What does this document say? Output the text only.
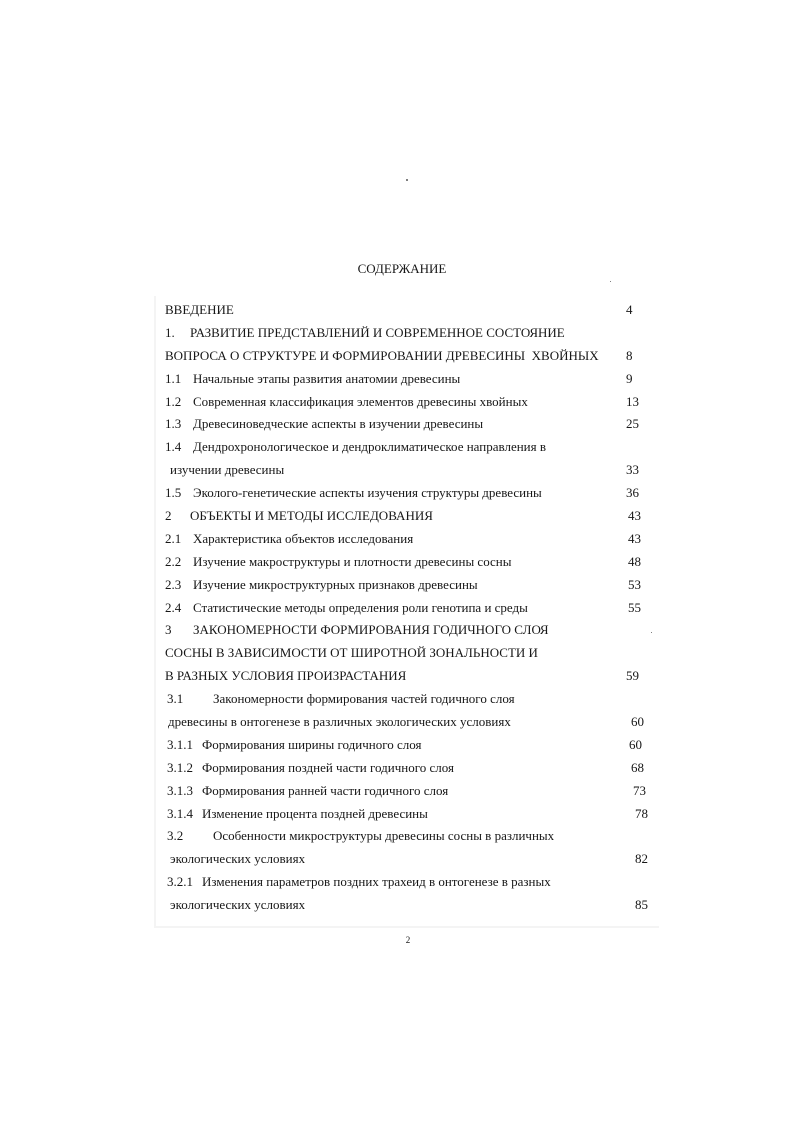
СОДЕРЖАНИЕ
ВВЕДЕНИЕ	4
1. РАЗВИТИЕ ПРЕДСТАВЛЕНИЙ И СОВРЕМЕННОЕ СОСТОЯНИЕ
ВОПРОСА О СТРУКТУРЕ И ФОРМИРОВАНИИ ДРЕВЕСИНЫ  ХВОЙНЫХ 8
1.1 Начальные этапы развития анатомии древесины	9
1.2 Современная классификация элементов древесины хвойных	13
1.3 Древесиноведческие аспекты в изучении древесины	25
1.4 Дендрохронологическое и дендроклиматическое направления в
изучении древесины	33
1.5 Эколого-генетические аспекты изучения структуры древесины	36
2 ОБЪЕКТЫ И МЕТОДЫ ИССЛЕДОВАНИЯ	43
2.1 Характеристика объектов исследования	43
2.2 Изучение макроструктуры и плотности древесины сосны	48
2.3 Изучение микроструктурных признаков древесины	53
2.4 Статистические методы определения роли генотипа и среды	55
3 ЗАКОНОМЕРНОСТИ ФОРМИРОВАНИЯ ГОДИЧНОГО СЛОЯ
СОСНЫ В ЗАВИСИМОСТИ ОТ ШИРОТНОЙ ЗОНАЛЬНОСТИ И
В РАЗНЫХ УСЛОВИЯ ПРОИЗРАСТАНИЯ	59
3.1 Закономерности формирования частей годичного слоя
древесины в онтогенезе в различных экологических условиях	60
3.1.1 Формирования ширины годичного слоя	60
3.1.2 Формирования поздней части годичного слоя	68
3.1.3 Формирования ранней части годичного слоя	73
3.1.4 Изменение процента поздней древесины	78
3.2 Особенности микроструктуры древесины сосны в различных
экологических условиях	82
3.2.1 Изменения параметров поздних трахеид в онтогенезе в разных
экологических условиях	85
2
